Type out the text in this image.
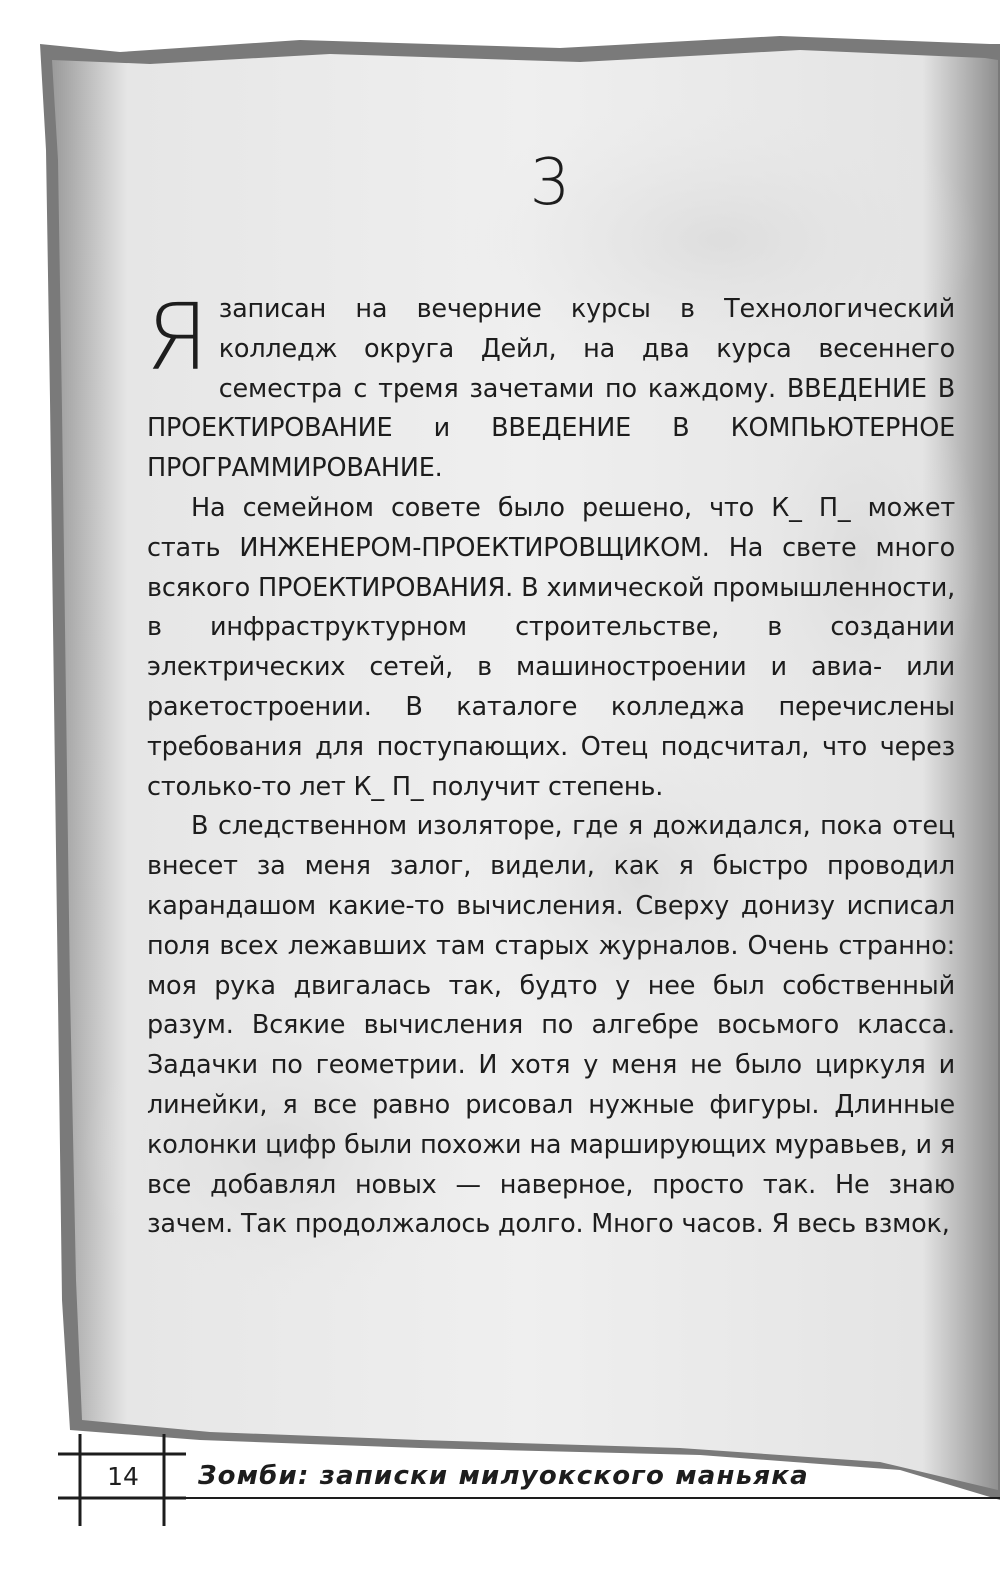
3

Я записан на вечерние курсы в Технологический колледж округа Дейл, на два курса весеннего семестра с тремя зачетами по каждому. ВВЕДЕНИЕ В ПРОЕКТИРОВАНИЕ и ВВЕДЕНИЕ В КОМПЬЮТЕРНОЕ ПРОГРАММИРОВАНИЕ.

На семейном совете было решено, что К_ П_ может стать ИНЖЕНЕРОМ-ПРОЕКТИРОВЩИКОМ. На свете много всякого ПРОЕКТИРОВАНИЯ. В химической промышленности, в инфраструктурном строительстве, в создании электрических сетей, в машиностроении и авиа- или ракетостроении. В каталоге колледжа перечислены требования для поступающих. Отец подсчитал, что через столько-то лет К_ П_ получит степень.

В следственном изоляторе, где я дожидался, пока отец внесет за меня залог, видели, как я быстро проводил карандашом какие-то вычисления. Сверху донизу исписал поля всех лежавших там старых журналов. Очень странно: моя рука двигалась так, будто у нее был собственный разум. Всякие вычисления по алгебре восьмого класса. Задачки по геометрии. И хотя у меня не было циркуля и линейки, я все равно рисовал нужные фигуры. Длинные колонки цифр были похожи на марширующих муравьев, и я все добавлял новых — наверное, просто так. Не знаю зачем. Так продолжалось долго. Много часов. Я весь взмок,

14	Зомби: записки милуокского маньяка
